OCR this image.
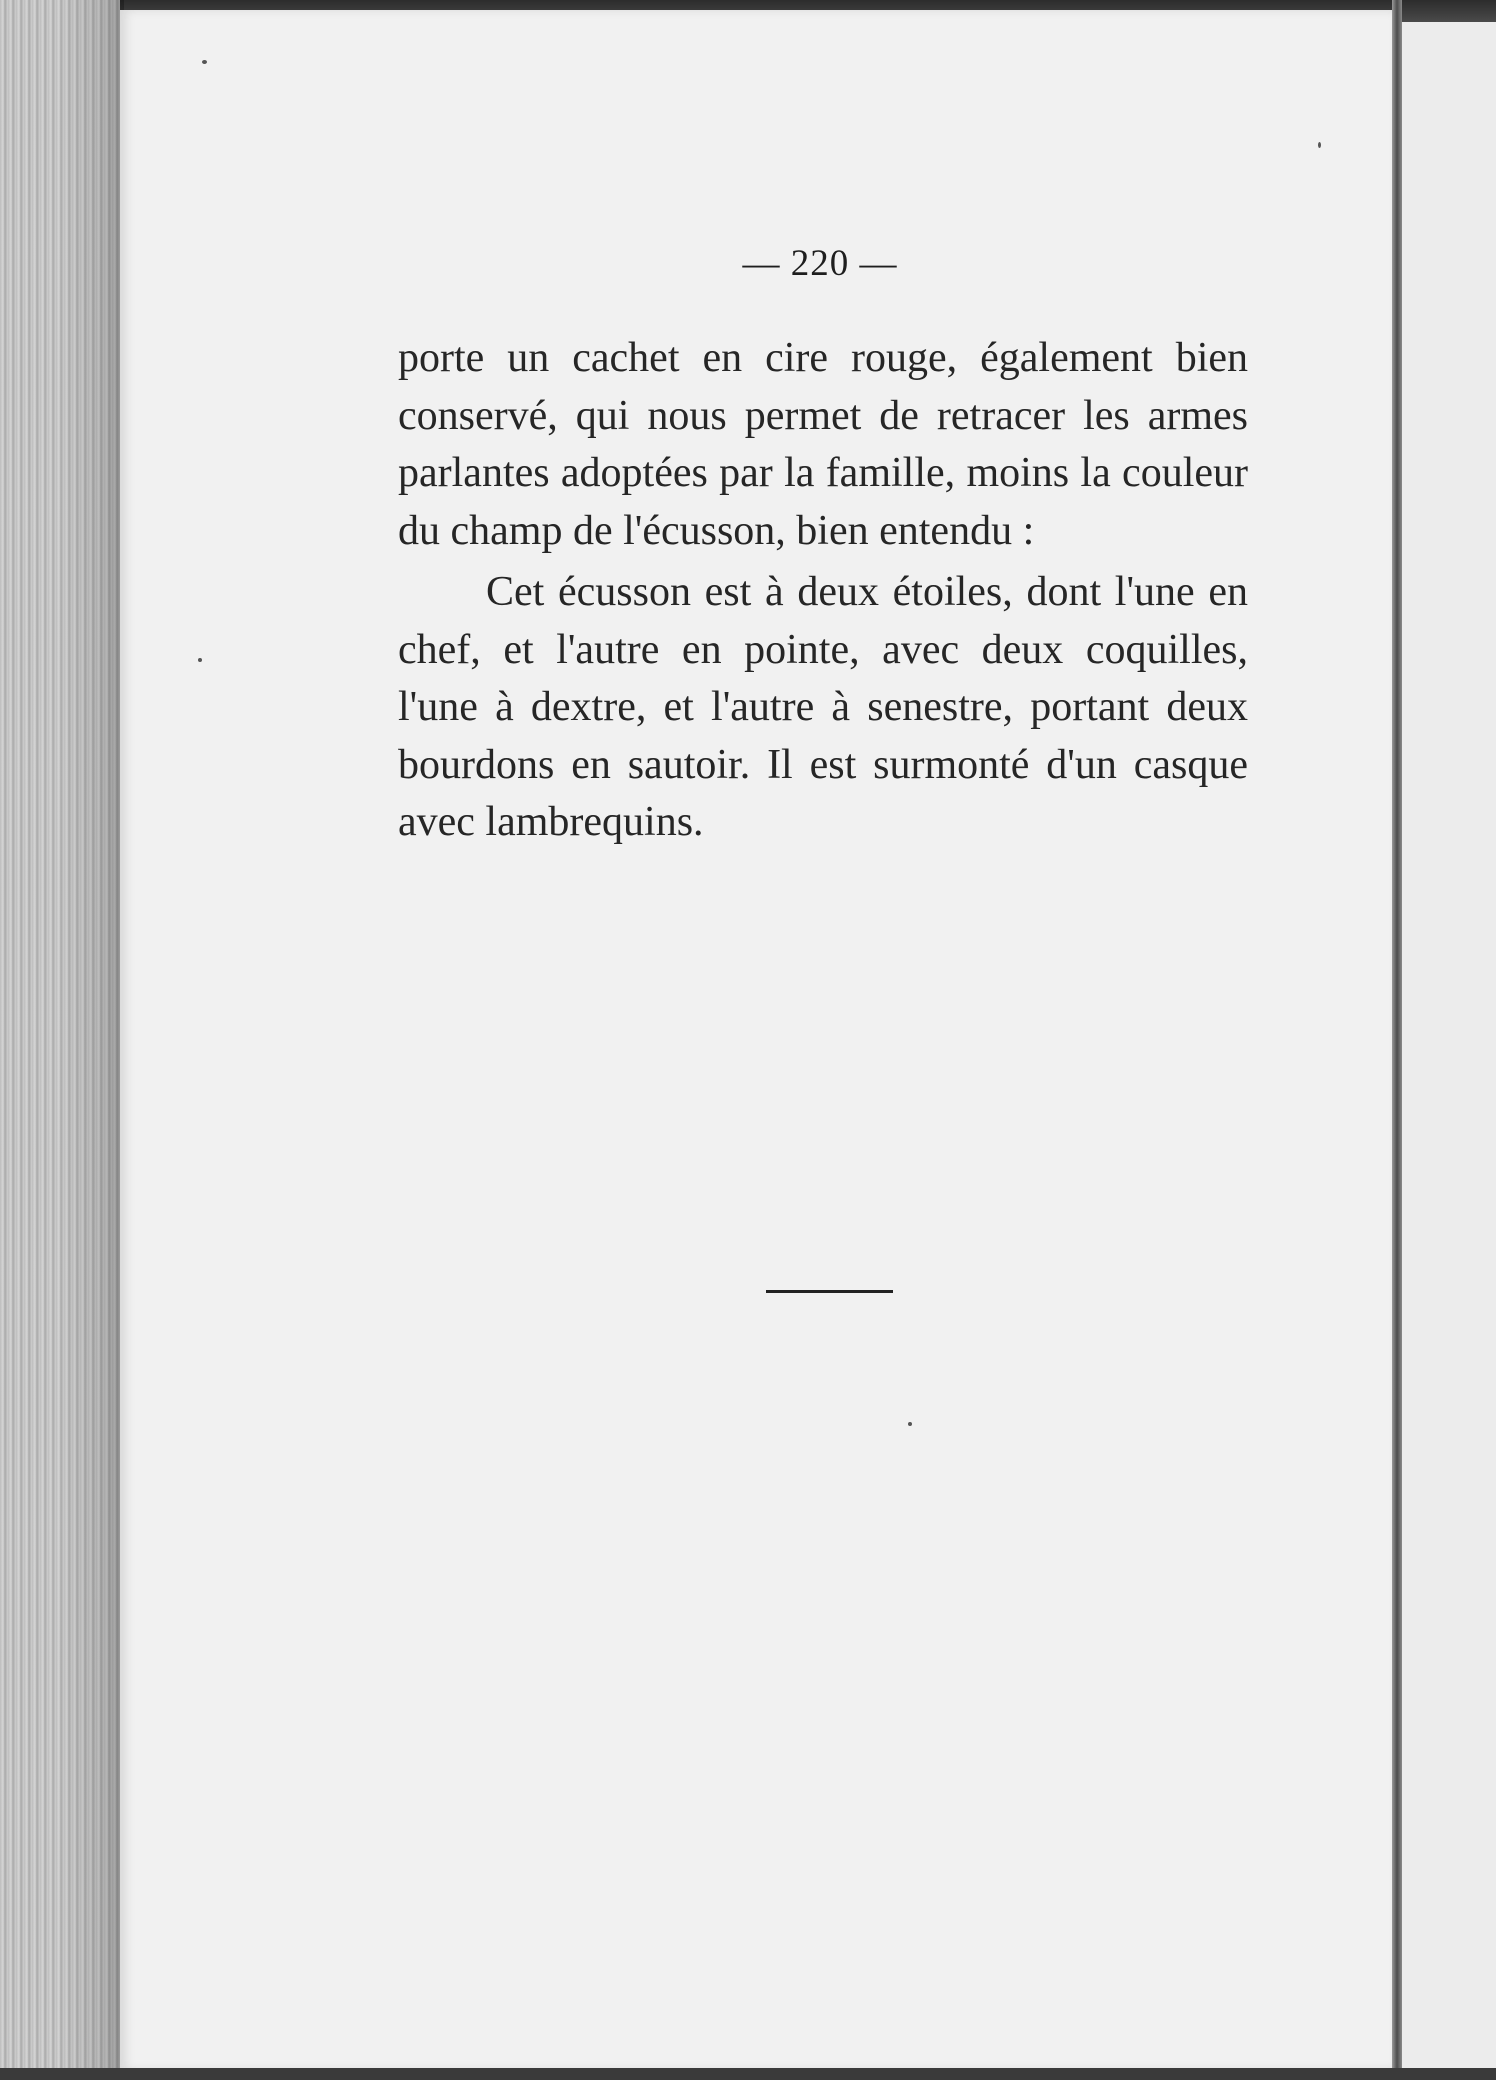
— 220 —

porte un cachet en cire rouge, également bien conservé, qui nous permet de retracer les armes parlantes adoptées par la famille, moins la couleur du champ de l'écusson, bien entendu :

Cet écusson est à deux étoiles, dont l'une en chef, et l'autre en pointe, avec deux coquilles, l'une à dextre, et l'autre à senestre, portant deux bourdons en sautoir. Il est surmonté d'un casque avec lambrequins.
